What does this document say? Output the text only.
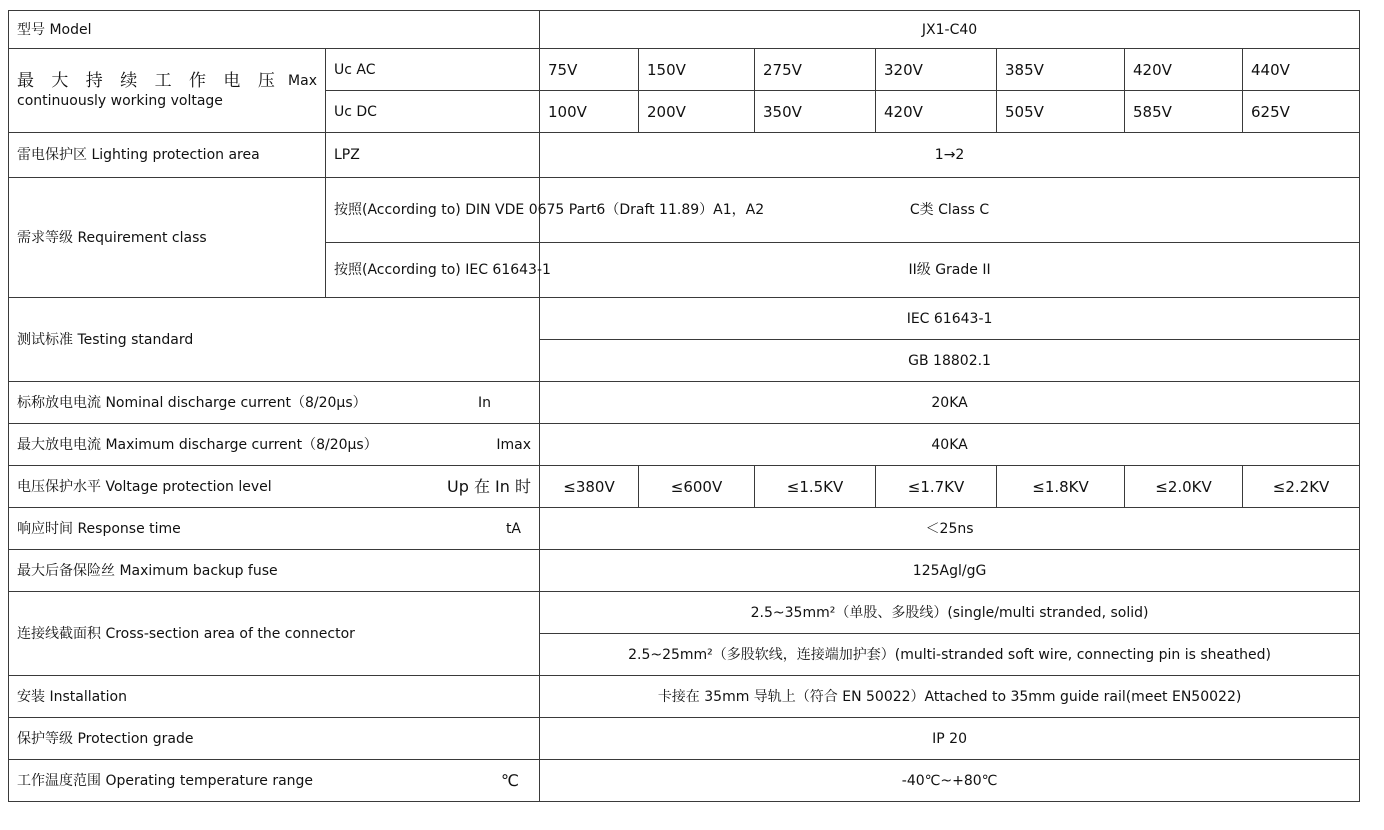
型号 Model		JX1-C40						

最 大 持 续 工 作 电 压 Max
continuously working voltage	Uc AC	75V	150V	275V	320V	385V	420V	440V
	Uc DC	100V	200V	350V	420V	505V	585V	625V
雷电保护区 Lighting protection area	LPZ	1→2						
需求等级 Requirement class	按照(According to) DIN VDE 0675 Part6（Draft 11.89）A1，A2	C类 Class C						
	按照(According to) IEC 61643-1	II级 Grade II						
测试标准 Testing standard		IEC 61643-1						
		GB 18802.1						

标称放电电流 Nominal discharge current（8/20μs） In		20KA						

最大放电电流 Maximum discharge current（8/20μs） Imax		40KA						

电压保护水平 Voltage protection level Up 在 In 时		≤380V	≤600V	≤1.5KV	≤1.7KV	≤1.8KV	≤2.0KV	≤2.2KV

响应时间 Response time tA		＜25ns						
最大后备保险丝 Maximum backup fuse		125Agl/gG						
连接线截面积 Cross-section area of the connector		2.5~35mm²（单股、多股线）(single/multi stranded, solid)						
		2.5~25mm²（多股软线，连接端加护套）(multi-stranded soft wire, connecting pin is sheathed)						
安装 Installation		卡接在 35mm 导轨上（符合 EN 50022）Attached to 35mm guide rail(meet EN50022)						
保护等级 Protection grade		IP 20						

工作温度范围 Operating temperature range ℃		-40℃~+80℃						
